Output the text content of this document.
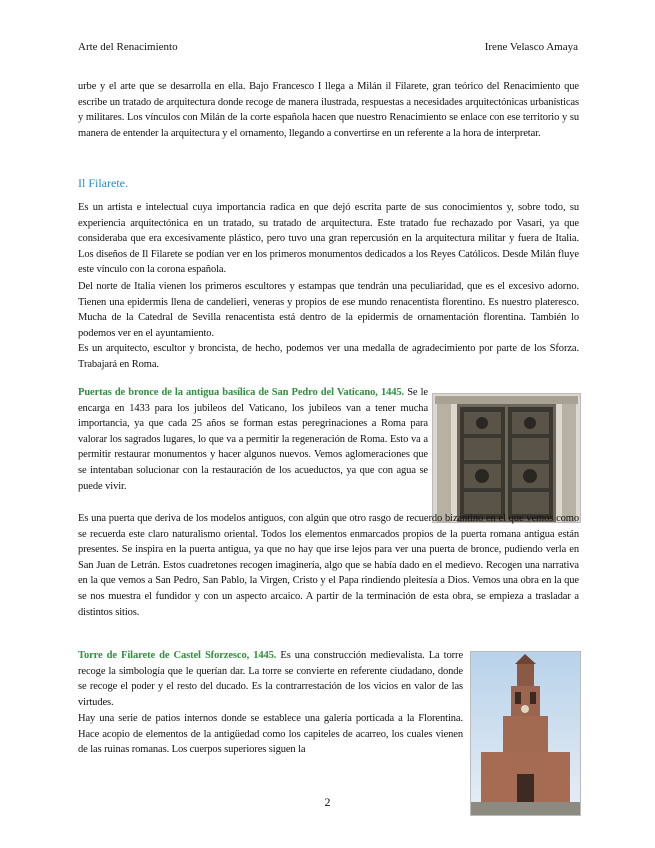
Arte del Renacimiento	Irene Velasco Amaya

urbe y el arte que se desarrolla en ella. Bajo Francesco I llega a Milán il Filarete, gran teórico del Renacimiento que escribe un tratado de arquitectura donde recoge de manera ilustrada, respuestas a necesidades arquitectónicas urbanísticas y militares. Los vínculos con Milán de la corte española hacen que nuestro Renacimiento se enlace con ese territorio y su manera de entender la arquitectura y el ornamento, llegando a convertirse en un referente a la hora de interpretar.

Il Filarete.

Es un artista e intelectual cuya importancia radica en que dejó escrita parte de sus conocimientos y, sobre todo, su experiencia arquitectónica en un tratado, su tratado de arquitectura. Este tratado fue rechazado por Vasari, ya que consideraba que era excesivamente plástico, pero tuvo una gran repercusión en la arquitectura militar y fuera de Italia. Los diseños de Il Filarete se podían ver en los primeros monumentos dedicados a los Reyes Católicos. Desde Milán fluye este vínculo con la corona española.

Del norte de Italia vienen los primeros escultores y estampas que tendrán una peculiaridad, que es el excesivo adorno. Tienen una epidermis llena de candelieri, veneras y propios de ese mundo renacentista florentino. Es nuestro plateresco. Mucha de la Catedral de Sevilla renacentista está dentro de la epidermis de ornamentación florentina. También lo podemos ver en el ayuntamiento.

Es un arquitecto, escultor y broncista, de hecho, podemos ver una medalla de agradecimiento por parte de los Sforza. Trabajará en Roma.

Puertas de bronce de la antigua basílica de San Pedro del Vaticano, 1445. Se le encarga en 1433 para los jubileos del Vaticano, los jubileos van a tener mucha importancia, ya que cada 25 años se forman estas peregrinaciones a Roma para valorar los sagrados lugares, lo que va a permitir la regeneración de Roma. Esto va a permitir restaurar monumentos y hacer algunos nuevos. Vemos aglomeraciones que se intentaban solucionar con la restauración de los acueductos, ya que con agua se puede vivir.

Es una puerta que deriva de los modelos antiguos, con algún que otro rasgo de recuerdo bizantino en el que vemos como se recuerda este claro naturalismo oriental. Todos los elementos enmarcados propios de la puerta romana antigua están presentes. Se inspira en la puerta antigua, ya que no hay que irse lejos para ver una puerta de bronce, pudiendo verla en San Juan de Letrán. Estos cuadretones recogen imaginería, algo que se había dado en el medievo. Recogen una narrativa en la que vemos a San Pedro, San Pablo, la Virgen, Cristo y el Papa rindiendo pleitesía a Dios. Vemos una obra en la que se nos muestra el fundidor y con un aspecto arcaico. A partir de la terminación de esta obra, se empieza a trasladar a distintos sitios.

Torre de Filarete de Castel Sforzesco, 1445. Es una construcción medievalista. La torre recoge la simbología que le querían dar. La torre se convierte en referente ciudadano, donde se recoge el poder y el resto del ducado. Es la contrarrestación de los vicios en valor de las virtudes.

Hay una serie de patios internos donde se establece una galería porticada a la Florentina. Hace acopio de elementos de la antigüedad como los capiteles de acarreo, los cuales vienen de las ruinas romanas. Los cuerpos superiores siguen la

2
